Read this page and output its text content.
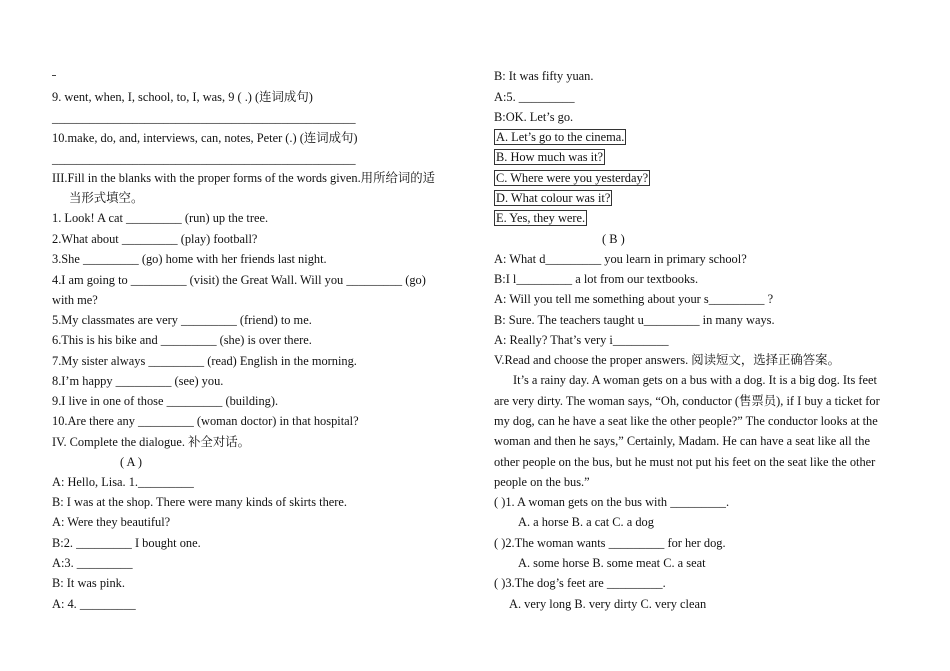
9. went, when, I, school, to, I, was, 9 ( .) (连词成句)
_________________________________________________
10.make, do, and, interviews, can, notes, Peter (.) (连词成句)
_________________________________________________
III.Fill in the blanks with the proper forms of the words given.用所给词的适
当形式填空。
1. Look! A cat _________ (run) up the tree.
2.What about _________ (play) football?
3.She _________ (go) home with her friends last night.
4.I am going to _________ (visit) the Great Wall. Will you _________ (go)
with me?
5.My classmates are very _________ (friend) to me.
6.This is his bike and _________ (she) is over there.
7.My sister always _________ (read) English in the morning.
8.I’m happy _________ (see) you.
9.I live in one of those _________ (building).
10.Are there any _________ (woman doctor) in that hospital?
IV. Complete the dialogue. 补全对话。
( A )
A: Hello, Lisa. 1._________
B: I was at the shop. There were many kinds of skirts there.
A: Were they beautiful?
B:2. _________ I bought one.
A:3. _________
B: It was pink.
A: 4. _________
B: It was fifty yuan.
A:5. _________
B:OK. Let’s go.
A. Let’s go to the cinema.
B. How much was it?
C. Where were you yesterday?
D. What colour was it?
E. Yes, they were.
( B )
A: What d_________ you learn in primary school?
B:I l_________ a lot from our textbooks.
A: Will you tell me something about your s_________ ?
B: Sure. The teachers taught u_________ in many ways.
A: Really? That’s very i_________
V.Read and choose the proper answers. 阅读短文，选择正确答案。
It’s a rainy day. A woman gets on a bus with a dog. It is a big dog. Its feet
are very dirty. The woman says, “Oh, conductor (售票员), if I buy a ticket for
my dog, can he have a seat like the other people?” The conductor looks at the
woman and then he says,” Certainly, Madam. He can have a seat like all the
other people on the bus, but he must not put his feet on the seat like the other
people on the bus.”
( )1. A woman gets on the bus with _________.
A. a horse B. a cat C. a dog
( )2.The woman wants _________ for her dog.
A. some horse B. some meat C. a seat
( )3.The dog’s feet are _________.
A. very long B. very dirty C. very clean
